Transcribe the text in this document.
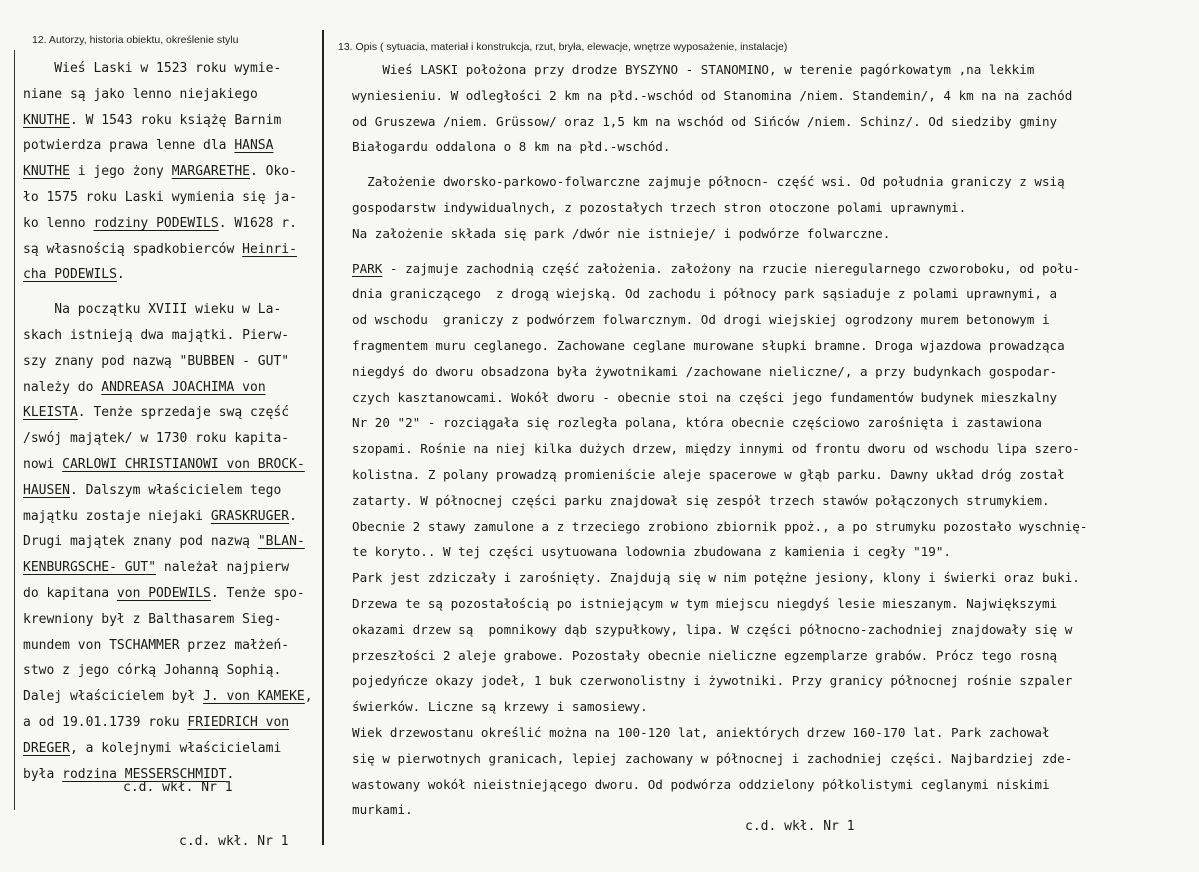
12. Autorzy, historia obiektu, określenie stylu
13. Opis ( sytuacia, materiał i konstrukcja, rzut, bryła, elewacje, wnętrze wyposażenie, instalacje)
Wieś Laski w 1523 roku wymie-
niane są jako lenno niejakiego
KNUTHE. W 1543 roku książę Barnim
potwierdza prawa lenne dla HANSA
KNUTHE i jego żony MARGARETHE. Oko-
ło 1575 roku Laski wymienia się ja-
ko lenno rodziny PODEWILS. W1628 r.
są własnością spadkobierców Heinri-
cha PODEWILS.
Na początku XVIII wieku w La-
skach istnieją dwa majątki. Pierw-
szy znany pod nazwą "BUBBEN - GUT"
należy do ANDREASA JOACHIMA von
KLEISTA. Tenże sprzedaje swą część
/swój majątek/ w 1730 roku kapita-
nowi CARLOWI CHRISTIANOWI von BROCK-
HAUSEN. Dalszym właścicielem tego
majątku zostaje niejaki GRASKRUGER.
Drugi majątek znany pod nazwą "BLAN-
KENBURGSCHE- GUT" należał najpierw
do kapitana von PODEWILS. Tenże spo-
krewniony był z Balthasarem Sieg-
mundem von TSCHAMMER przez małżeń-
stwo z jego córką Johanną Sophią.
Dalej właścicielem był J. von KAMEKE,
a od 19.01.1739 roku FRIEDRICH von
DREGER, a kolejnymi właścicielami
była rodzina MESSERSCHMIDT.
Wieś LASKI położona przy drodze BYSZYNO - STANOMINO, w terenie pagórkowatym ,na lekkim
wyniesieniu. W odległości 2 km na płd.-wschód od Stanomina /niem. Standemin/, 4 km na na zachód
od Gruszewa /niem. Grüssow/ oraz 1,5 km na wschód od Sińców /niem. Schinz/. Od siedziby gminy
Białogardu oddalona o 8 km na płd.-wschód.
Założenie dworsko-parkowo-folwarczne zajmuje północn- część wsi. Od południa graniczy z wsią
gospodarstw indywidualnych, z pozostałych trzech stron otoczone polami uprawnymi.
Na założenie składa się park /dwór nie istnieje/ i podwórze folwarczne.
PARK - zajmuje zachodnią część założenia. założony na rzucie nieregularnego czworoboku, od połu-
dnia graniczącego  z drogą wiejską. Od zachodu i północy park sąsiaduje z polami uprawnymi, a
od wschodu  graniczy z podwórzem folwarcznym. Od drogi wiejskiej ogrodzony murem betonowym i
fragmentem muru ceglanego. Zachowane ceglane murowane słupki bramne. Droga wjazdowa prowadząca
niegdyś do dworu obsadzona była żywotnikami /zachowane nieliczne/, a przy budynkach gospodar-
czych kasztanowcami. Wokół dworu - obecnie stoi na części jego fundamentów budynek mieszkalny
Nr 20 "2" - rozciągała się rozległa polana, która obecnie częściowo zarośnięta i zastawiona
szopami. Rośnie na niej kilka dużych drzew, między innymi od frontu dworu od wschodu lipa szero-
kolistna. Z polany prowadzą promieniście aleje spacerowe w głąb parku. Dawny układ dróg został
zatarty. W północnej części parku znajdował się zespół trzech stawów połączonych strumykiem.
Obecnie 2 stawy zamulone a z trzeciego zrobiono zbiornik ppoż., a po strumyku pozostało wyschnię-
te koryto.. W tej części usytuowana lodownia zbudowana z kamienia i cegły "19".
Park jest zdziczały i zarośnięty. Znajdują się w nim potężne jesiony, klony i świerki oraz buki.
Drzewa te są pozostałością po istniejącym w tym miejscu niegdyś lesie mieszanym. Największymi
okazami drzew są  pomnikowy dąb szypułkowy, lipa. W części północno-zachodniej znajdowały się w
przeszłości 2 aleje grabowe. Pozostały obecnie nieliczne egzemplarze grabów. Prócz tego rosną
pojedyńcze okazy jodeł, 1 buk czerwonolistny i żywotniki. Przy granicy północnej rośnie szpaler
świerków. Liczne są krzewy i samosiewy.
Wiek drzewostanu określić można na 100-120 lat, aniektórych drzew 160-170 lat. Park zachował
się w pierwotnych granicach, lepiej zachowany w północnej i zachodniej części. Najbardziej zde-
wastowany wokół nieistniejącego dworu. Od podwórza oddzielony półkolistymi ceglanymi niskimi
murkami.
c.d. wkł. Nr 1
c.d. wkł. Nr 1
c.d. wkł. Nr 1
